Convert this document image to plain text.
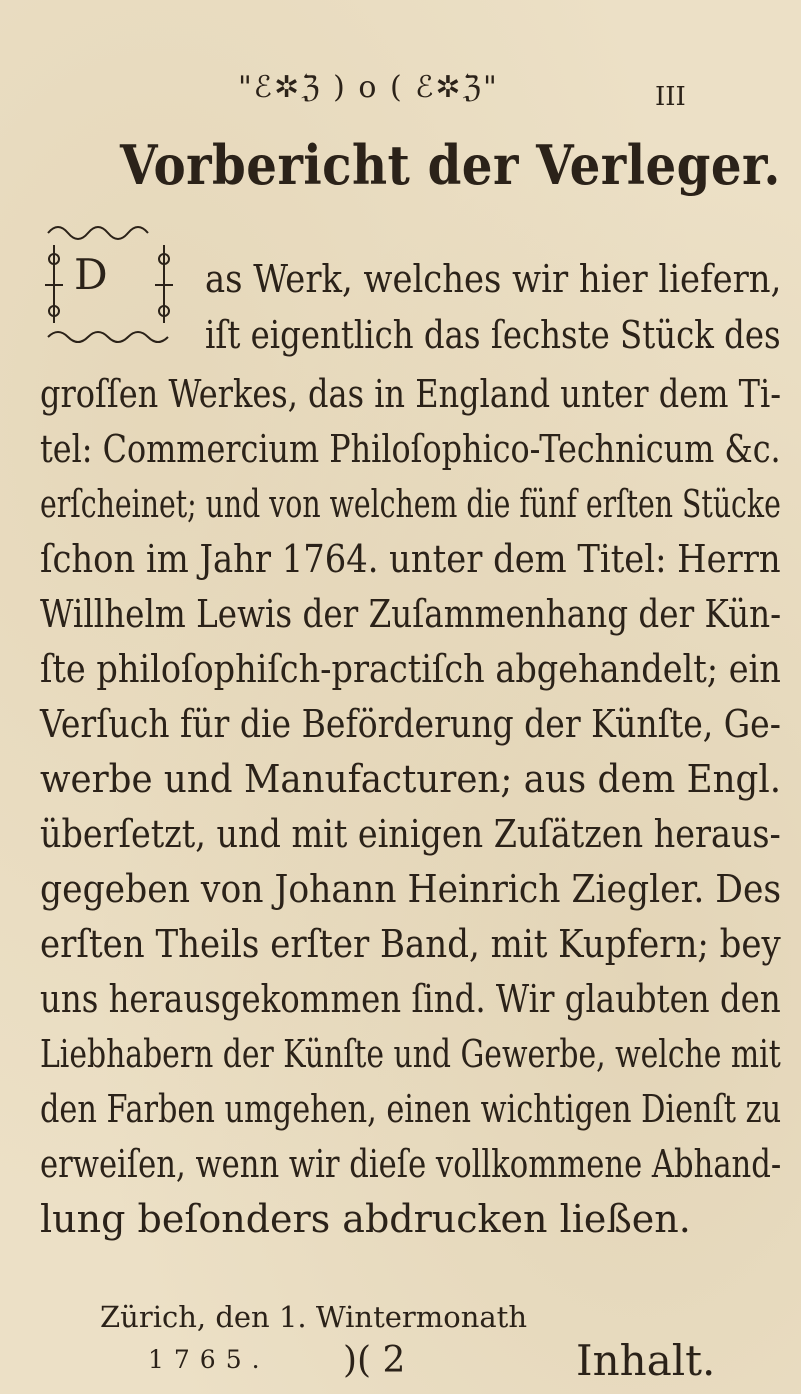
"ℰ✲ℨ ) o ( ℰ✲ℨ"	III
Vorbericht der Verleger.
D	as Werk, welches wir hier liefern,
iſt eigentlich das ſechste Stück des
groſſen Werkes, das in England unter dem Ti-
tel: Commercium Philoſophico-Technicum &c.
erſcheinet; und von welchem die fünf erſten Stücke
ſchon im Jahr 1764. unter dem Titel: Herrn
Willhelm Lewis der Zuſammenhang der Kün-
ſte philoſophiſch-practiſch abgehandelt; ein
Verſuch für die Beförderung der Künſte, Ge-
werbe und Manufacturen; aus dem Engl.
überſetzt, und mit einigen Zuſätzen heraus-
gegeben von Johann Heinrich Ziegler. Des
erſten Theils erſter Band, mit Kupfern; bey
uns herausgekommen ſind. Wir glaubten den
Liebhabern der Künſte und Gewerbe, welche mit
den Farben umgehen, einen wichtigen Dienſt zu
erweiſen, wenn wir dieſe vollkommene Abhand-
lung beſonders abdrucken ließen.
Zürich, den 1. Wintermonath
1765. )( 2	Inhalt.
